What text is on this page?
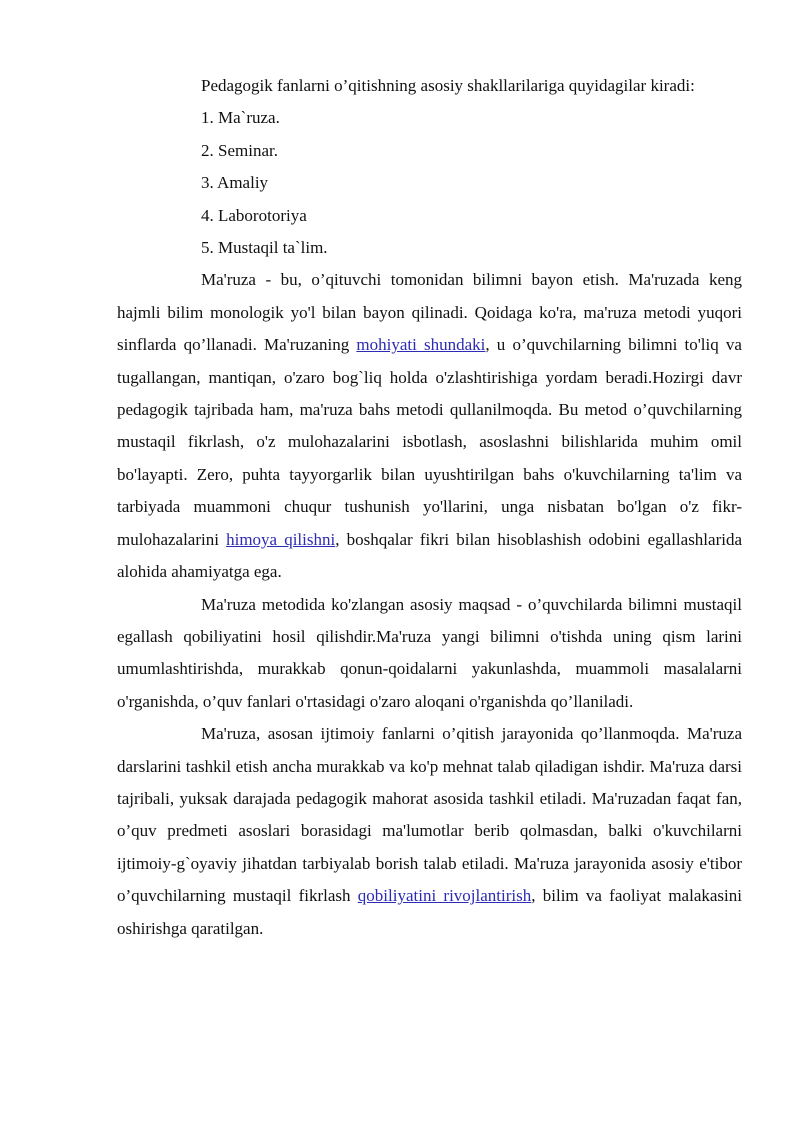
Pedagogik fanlarni o’qitishning asosiy shakllarilariga quyidagilar kiradi:

1. Ma`ruza.

2. Seminar.

3. Amaliy

4. Laborotoriya

5. Mustaqil ta`lim.

Ma'ruza - bu, o’qituvchi tomonidan bilimni bayon etish. Ma'ruzada keng hajmli bilim monologik yo'l bilan bayon qilinadi. Qoidaga ko'ra, ma'ruza metodi yuqori sinflarda qo’llanadi. Ma'ruzaning mohiyati shundaki, u o’quvchilarning bilimni to'liq va tugallangan, mantiqan, o'zaro bog`liq holda o'zlashtirishiga yordam beradi.Hozirgi davr pedagogik tajribada ham, ma'ruza bahs metodi qullanilmoqda. Bu metod o’quvchilarning mustaqil fikrlash, o'z mulohazalarini isbotlash, asoslashni bilishlarida muhim omil bo'layapti. Zero, puhta tayyorgarlik bilan uyushtirilgan bahs o'kuvchilarning ta'lim va tarbiyada muammoni chuqur tushunish yo'llarini, unga nisbatan bo'lgan o'z fikr-mulohazalarini himoya qilishni, boshqalar fikri bilan hisoblashish odobini egallashlarida alohida ahamiyatga ega.

Ma'ruza metodida ko'zlangan asosiy maqsad - o’quvchilarda bilimni mustaqil egallash qobiliyatini hosil qilishdir.Ma'ruza yangi bilimni o'tishda uning qism larini umumlashtirishda, murakkab qonun-qoidalarni yakunlashda, muammoli masalalarni o'rganishda, o’quv fanlari o'rtasidagi o'zaro aloqani o'rganishda qo’llaniladi.

Ma'ruza, asosan ijtimoiy fanlarni o’qitish jarayonida qo’llanmoqda. Ma'ruza darslarini tashkil etish ancha murakkab va ko'p mehnat talab qiladigan ishdir. Ma'ruza darsi tajribali, yuksak darajada pedagogik mahorat asosida tashkil etiladi. Ma'ruzadan faqat fan, o’quv predmeti asoslari borasidagi ma'lumotlar berib qolmasdan, balki o'kuvchilarni ijtimoiy-g`oyaviy jihatdan tarbiyalab borish talab etiladi. Ma'ruza jarayonida asosiy e'tibor o’quvchilarning mustaqil fikrlash qobiliyatini rivojlantirish, bilim va faoliyat malakasini oshirishga qaratilgan.
